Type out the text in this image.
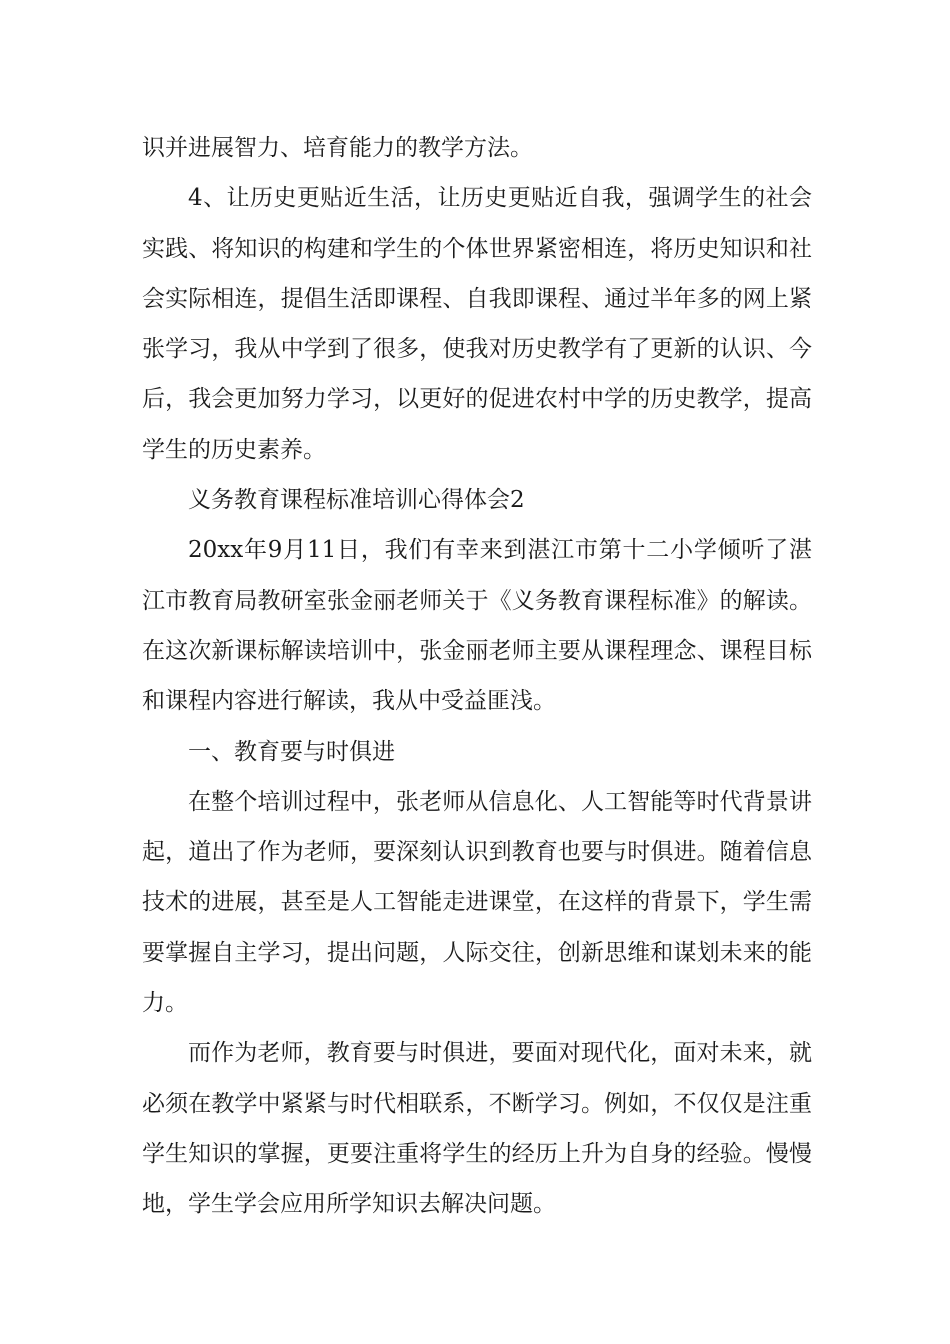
识并进展智力、培育能力的教学方法。

4、让历史更贴近生活，让历史更贴近自我，强调学生的社会实践、将知识的构建和学生的个体世界紧密相连，将历史知识和社会实际相连，提倡生活即课程、自我即课程、通过半年多的网上紧张学习，我从中学到了很多，使我对历史教学有了更新的认识、今后，我会更加努力学习，以更好的促进农村中学的历史教学，提高学生的历史素养。

义务教育课程标准培训心得体会2

20xx年9月11日，我们有幸来到湛江市第十二小学倾听了湛江市教育局教研室张金丽老师关于《义务教育课程标准》的解读。在这次新课标解读培训中，张金丽老师主要从课程理念、课程目标和课程内容进行解读，我从中受益匪浅。

一、教育要与时俱进

在整个培训过程中，张老师从信息化、人工智能等时代背景讲起，道出了作为老师，要深刻认识到教育也要与时俱进。随着信息技术的进展，甚至是人工智能走进课堂，在这样的背景下，学生需要掌握自主学习，提出问题，人际交往，创新思维和谋划未来的能力。

而作为老师，教育要与时俱进，要面对现代化，面对未来，就必须在教学中紧紧与时代相联系，不断学习。例如，不仅仅是注重学生知识的掌握，更要注重将学生的经历上升为自身的经验。慢慢地，学生学会应用所学知识去解决问题。
